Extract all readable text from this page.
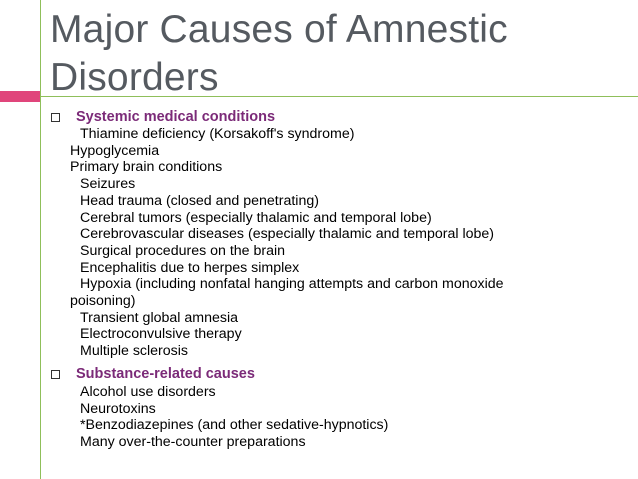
Major Causes of Amnestic
Disorders
Systemic medical conditions
Thiamine deficiency (Korsakoff's syndrome)
Hypoglycemia
Primary brain conditions
Seizures
Head trauma (closed and penetrating)
Cerebral tumors (especially thalamic and temporal lobe)
Cerebrovascular diseases (especially thalamic and temporal lobe)
Surgical procedures on the brain
Encephalitis due to herpes simplex
Hypoxia (including nonfatal hanging attempts and carbon monoxide
poisoning)
Transient global amnesia
Electroconvulsive therapy
Multiple sclerosis
Substance-related causes
Alcohol use disorders
Neurotoxins
*Benzodiazepines (and other sedative-hypnotics)
Many over-the-counter preparations
